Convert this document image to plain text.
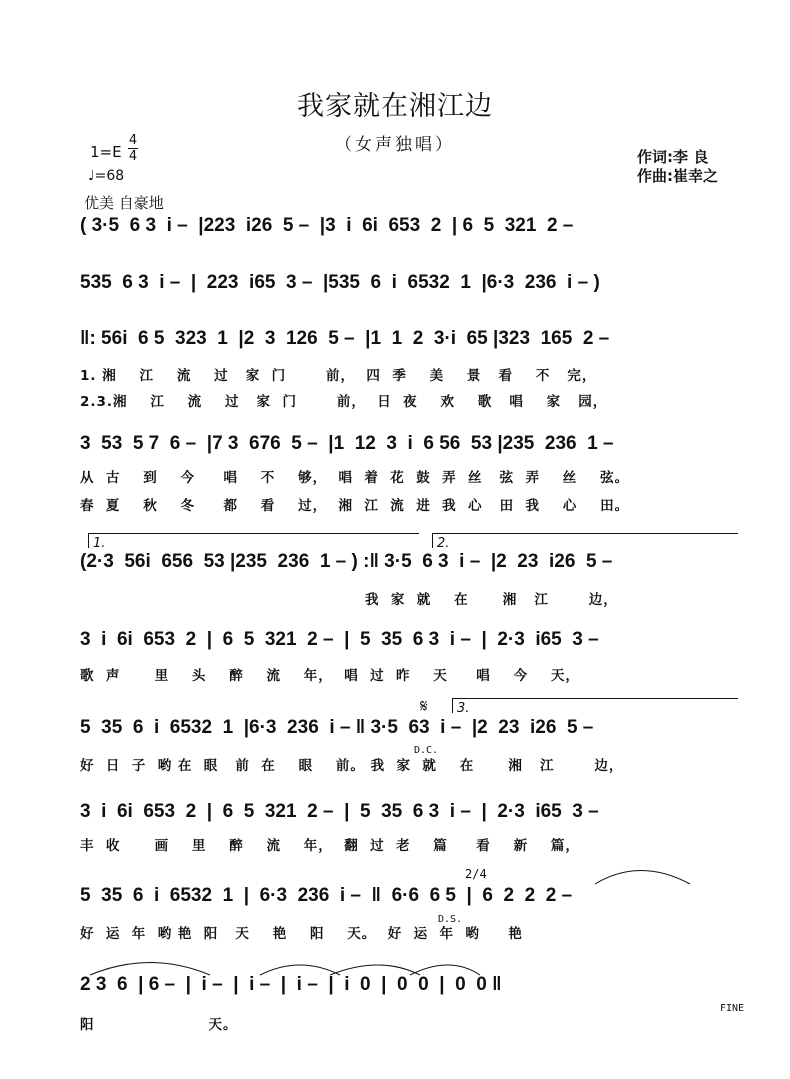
我家就在湘江边
（女声独唱）
1=E
4
4
♩=68
优美 自豪地
作词:李 良
作曲:崔幸之
( 3·5  6 3  i –  |223  i26  5 –  |3  i  6i  653  2  | 6  5  321  2 –
535  6 3  i –  |  223  i65  3 –  |535  6  i  6532  1  |6·3  236  i – )
‖: 56i  6 5  323  1  |2  3  126  5 –  |1  1  2  3·i  65 |323  165  2 –
1. 湘    江    流    过   家  门       前，  四  季    美    景   看    不   完，
2.3.湘    江    流    过   家  门       前，  日  夜    欢    歌   唱    家   园，
3  53  5 7  6 –  |7 3  676  5 –  |1  12  3  i  6 56  53 |235  236  1 –
从  古    到    今     唱    不    够，  唱  着  花  鼓  弄  丝   弦  弄    丝    弦。
春  夏    秋    冬     都    看    过，  湘  江  流  进  我  心   田  我    心    田。
1.	2.
(2·3  56i  656  53 |235  236  1 – ) :‖ 3·5  6 3  i –  |2  23  i26  5 –
我  家  就    在      湘   江       边，
3  i  6i  653  2  |  6  5  321  2 –  |  5  35  6 3  i –  |  2·3  i65  3 –
歌  声      里    头    醉    流    年，  唱  过  昨    天     唱    今    天，
𝄋	3.
5  35  6  i  6532  1  |6·3  236  i – ‖ 3·5  63  i –  |2  23  i26  5 –
D.C.
好  日  子  哟 在  眼   前  在    眼    前。 我  家  就    在      湘   江       边，
3  i  6i  653  2  |  6  5  321  2 –  |  5  35  6 3  i –  |  2·3  i65  3 –
丰  收      画    里    醉    流    年，  翻  过  老    篇     看    新    篇，
2/4
5  35  6  i  6532  1  |  6·3  236  i –  ‖  6·6  6 5  |  6  2  2  2 –
D.S.
好  运  年  哟 艳  阳   天    艳    阳    天。  好  运  年  哟     艳
2 3  6  | 6 –  |  i –  |  i –  |  i –  |  i  0  |  0  0  |  0  0 ‖
FINE
阳                    天。
